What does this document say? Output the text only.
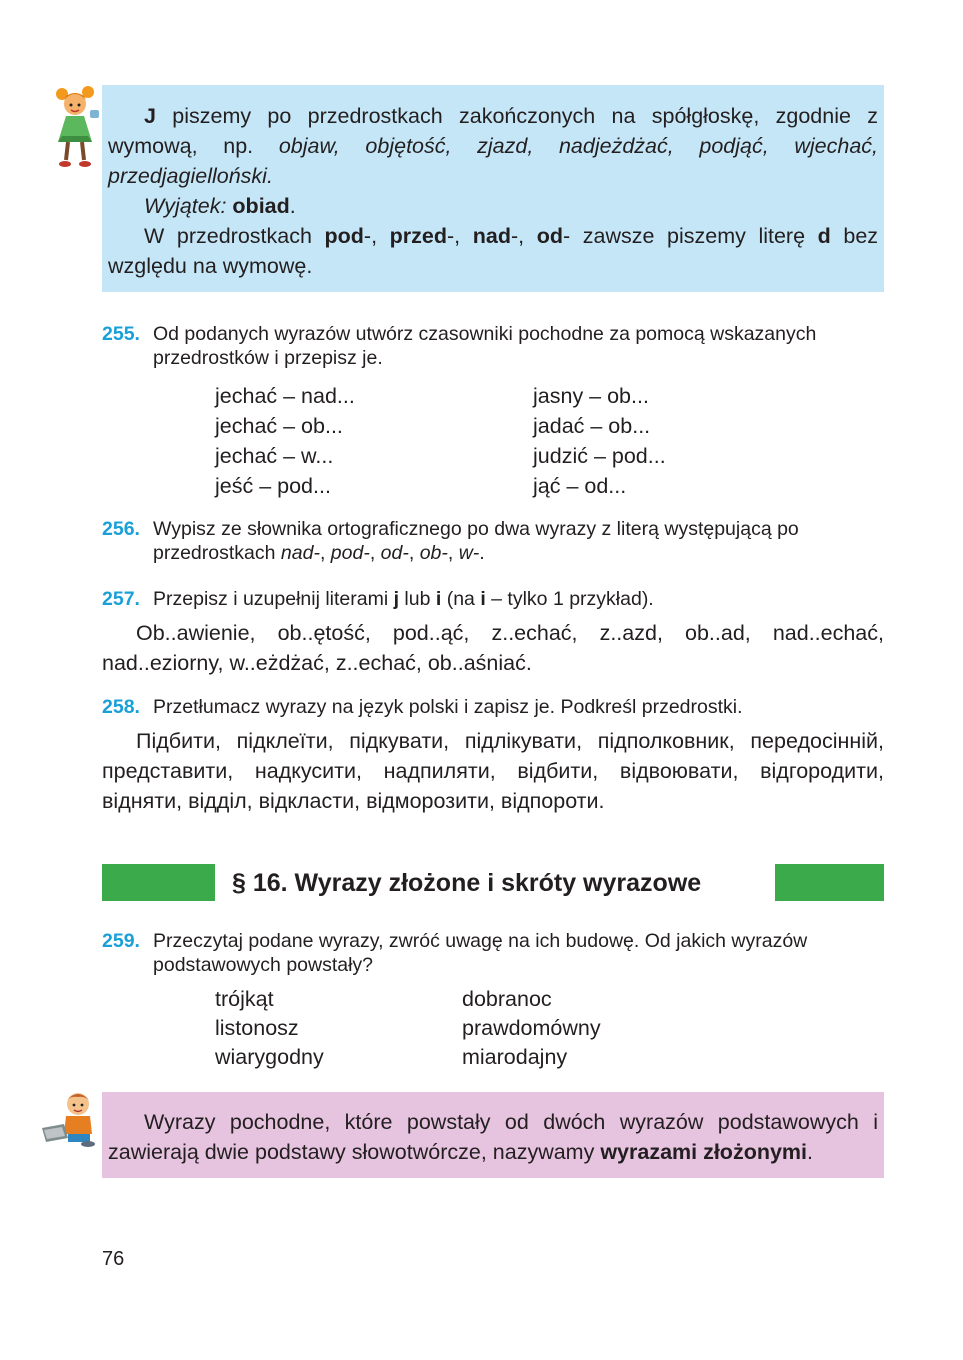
J piszemy po przedrostkach zakończonych na spółgłoskę, zgodnie z wymową, np. objaw, objętość, zjazd, nadjeżdżać, podjąć, wjechać, przedjagielloński.

Wyjątek: obiad.

W przedrostkach pod-, przed-, nad-, od- zawsze piszemy literę d bez względu na wymowę.

255. Od podanych wyrazów utwórz czasowniki pochodne za pomocą wskazanych przedrostków i przepisz je.
jechać – nad...	jasny – ob...
jechać – ob...	jadać – ob...
jechać – w...	judzić – pod...
jeść – pod...	jąć – od...
256. Wypisz ze słownika ortograficznego po dwa wyrazy z literą występującą po przedrostkach nad-, pod-, od-, ob-, w-.
257. Przepisz i uzupełnij literami j lub i (na i – tylko 1 przykład).

Ob..awienie, ob..ętość, pod..ąć, z..echać, z..azd, ob..ad, nad..echać, nad..eziorny, w..eżdżać, z..echać, ob..aśniać.

258. Przetłumacz wyrazy na język polski i zapisz je. Podkreśl przedrostki.

Підбити, підклеїти, підкувати, підлікувати, підполковник, передосінній, представити, надкусити, надпиляти, відбити, відвоювати, відгородити, відняти, відділ, відкласти, відморозити, відпороти.

§ 16. Wyrazy złożone i skróty wyrazowe
259. Przeczytaj podane wyrazy, zwróć uwagę na ich budowę. Od jakich wyrazów podstawowych powstały?
trójkąt	dobranoc
listonosz	prawdomówny
wiarygodny	miarodajny

Wyrazy pochodne, które powstały od dwóch wyrazów podstawowych i zawierają dwie podstawy słowotwórcze, nazywamy wyrazami złożonymi.

76
